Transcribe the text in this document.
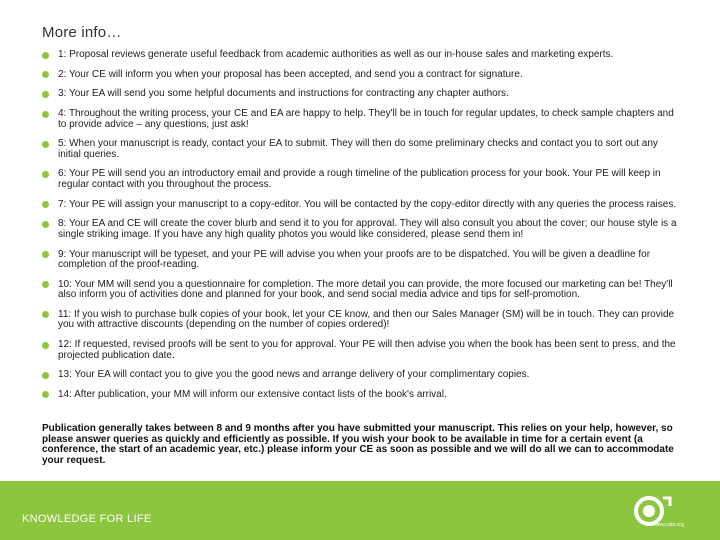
More info…
1: Proposal reviews generate useful feedback from academic authorities as well as our in-house sales and marketing experts.
2: Your CE will inform you when your proposal has been accepted, and send you a contract for signature.
3: Your EA will send you some helpful documents and instructions for contracting any chapter authors.
4: Throughout the writing process, your CE and EA are happy to help. They'll be in touch for regular updates, to check sample chapters and to provide advice – any questions, just ask!
5: When your manuscript is ready, contact your EA to submit. They will then do some preliminary checks and contact you to sort out any initial queries.
6: Your PE will send you an introductory email and provide a rough timeline of the publication process for your book. Your PE will keep in regular contact with you throughout the process.
7: Your PE will assign your manuscript to a copy-editor. You will be contacted by the copy-editor directly with any queries the process raises.
8: Your EA and CE will create the cover blurb and send it to you for approval. They will also consult you about the cover; our house style is a single striking image. If you have any high quality photos you would like considered, please send them in!
9: Your manuscript will be typeset, and your PE will advise you when your proofs are to be dispatched. You will be given a deadline for completion of the proof-reading.
10: Your MM will send you a questionnaire for completion. The more detail you can provide, the more focused our marketing can be! They'll also inform you of activities done and planned for your book, and send social media advice and tips for self-promotion.
11: If you wish to purchase bulk copies of your book, let your CE know, and then our Sales Manager (SM) will be in touch. They can provide you with attractive discounts (depending on the number of copies ordered)!
12: If requested, revised proofs will be sent to you for approval. Your PE will then advise you when the book has been sent to press, and the projected publication date.
13: Your EA will contact you to give you the good news and arrange delivery of your complimentary copies.
14: After publication, your MM will inform our extensive contact lists of the book's arrival.

Publication generally takes between 8 and 9 months after you have submitted your manuscript. This relies on your help, however, so please answer queries as quickly and efficiently as possible. If you wish your book to be available in time for a certain event (a conference, the start of an academic year, etc.) please inform your CE as soon as possible and we will do all we can to accommodate your request.

KNOWLEDGE FOR LIFE	www.cabi.org
